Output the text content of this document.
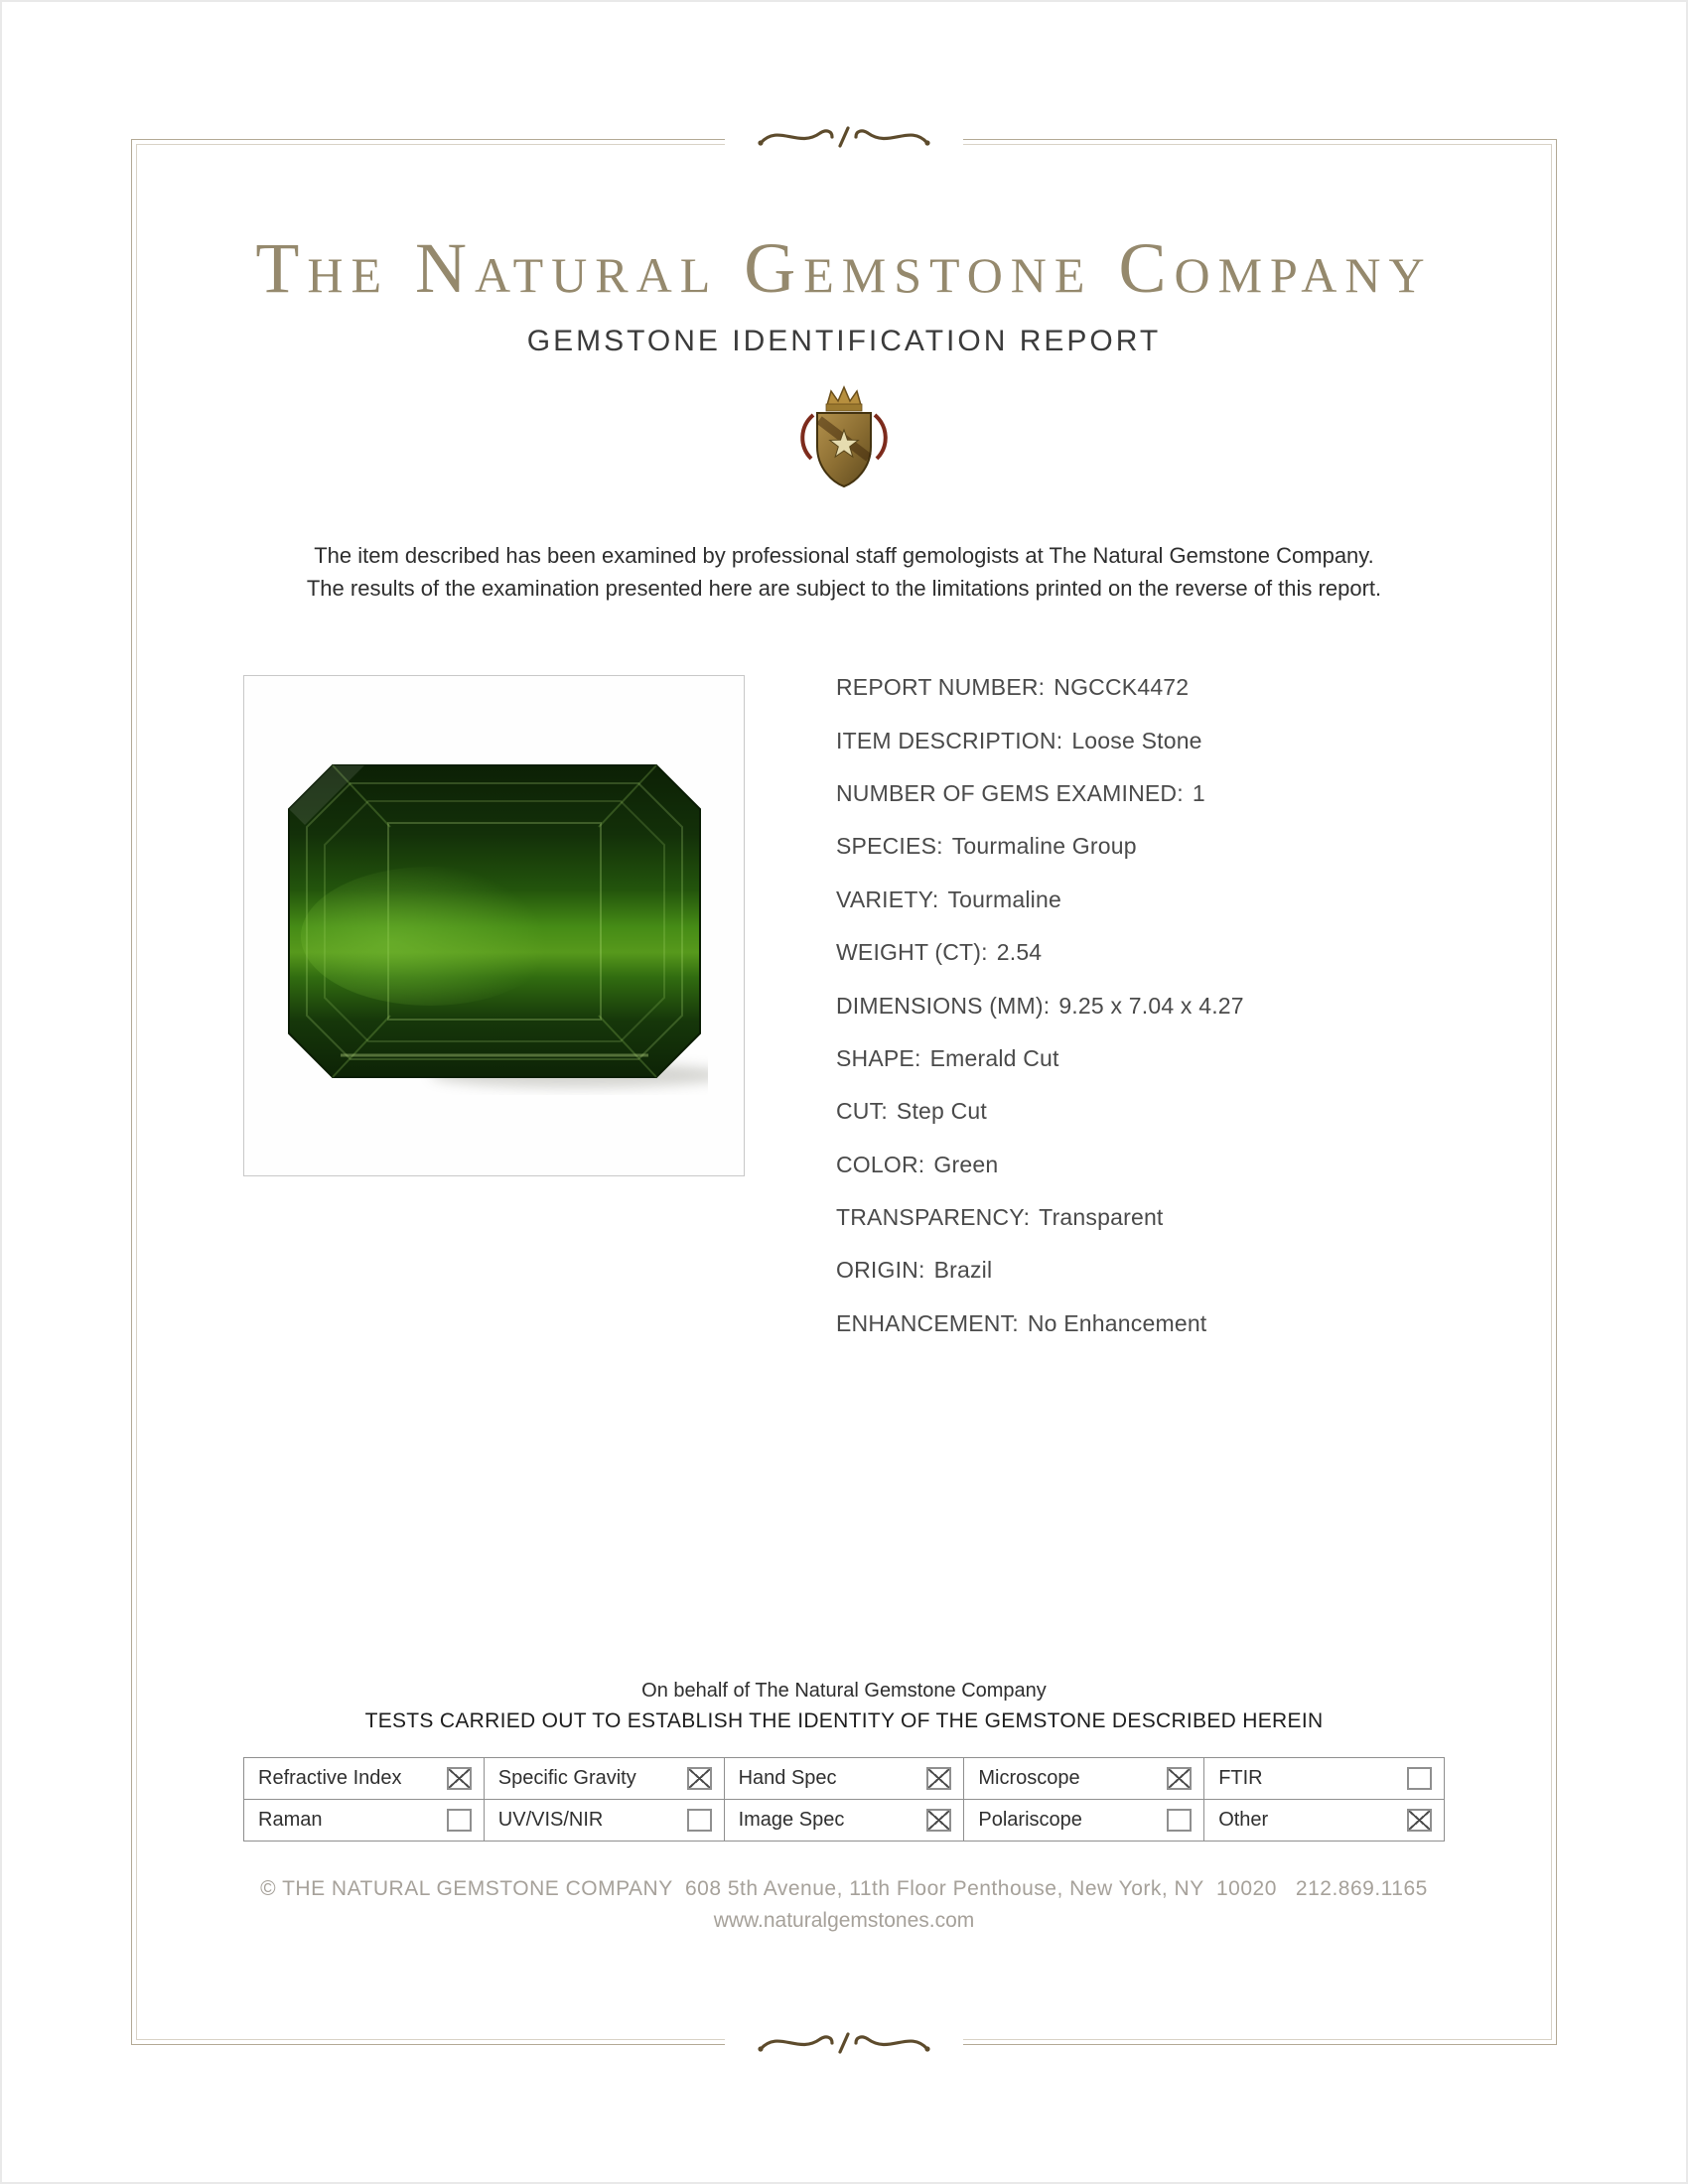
The Natural Gemstone Company
GEMSTONE IDENTIFICATION REPORT
The item described has been examined by professional staff gemologists at The Natural Gemstone Company.
The results of the examination presented here are subject to the limitations printed on the reverse of this report.
REPORT NUMBER: NGCCK4472
ITEM DESCRIPTION: Loose Stone
NUMBER OF GEMS EXAMINED: 1
SPECIES: Tourmaline Group
VARIETY: Tourmaline
WEIGHT (CT): 2.54
DIMENSIONS (MM): 9.25 x 7.04 x 4.27
SHAPE: Emerald Cut
CUT: Step Cut
COLOR: Green
TRANSPARENCY: Transparent
ORIGIN: Brazil
ENHANCEMENT: No Enhancement
On behalf of The Natural Gemstone Company
TESTS CARRIED OUT TO ESTABLISH THE IDENTITY OF THE GEMSTONE DESCRIBED HEREIN
Refractive Index	Specific Gravity	Hand Spec	Microscope	FTIR
Raman	UV/VIS/NIR	Image Spec	Polariscope	Other
© THE NATURAL GEMSTONE COMPANY  608 5th Avenue, 11th Floor Penthouse, New York, NY  10020   212.869.1165
www.naturalgemstones.com
